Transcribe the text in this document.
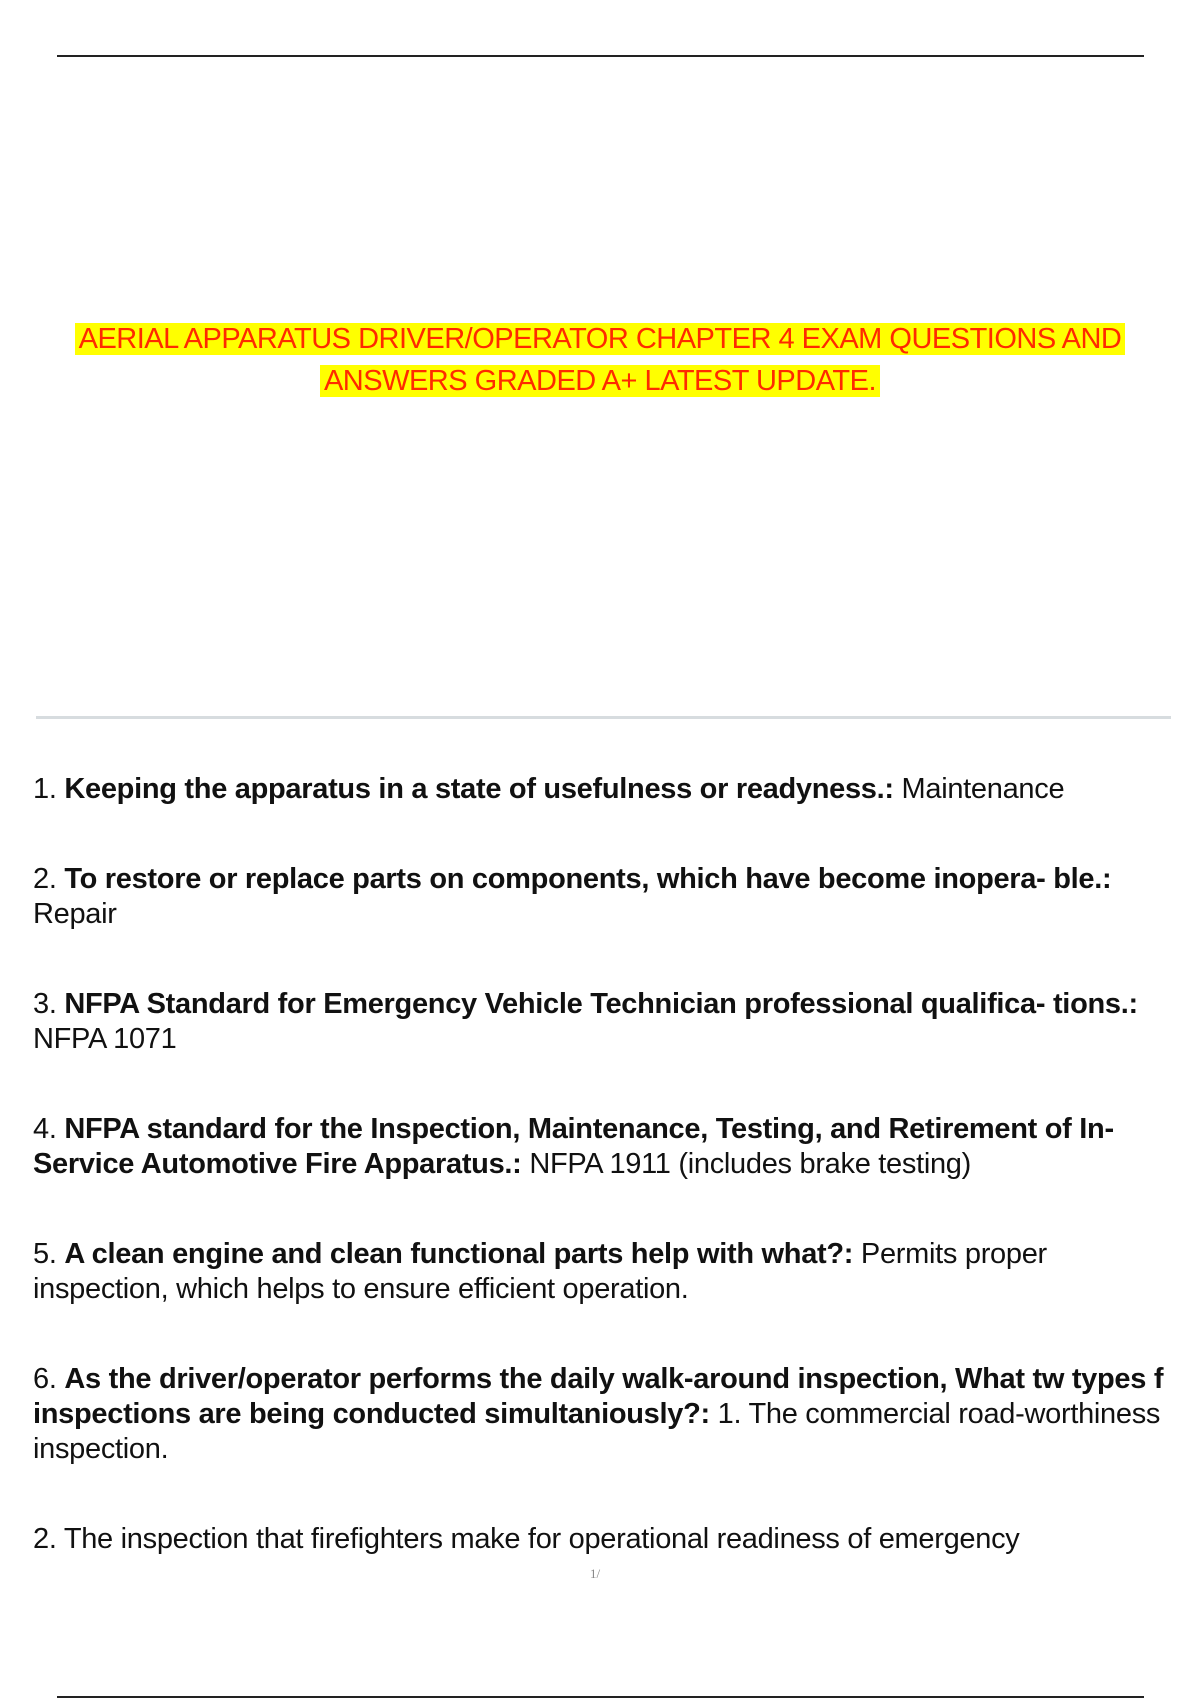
AERIAL APPARATUS DRIVER/OPERATOR CHAPTER 4 EXAM QUESTIONS AND
ANSWERS GRADED A+ LATEST UPDATE.

1. Keeping the apparatus in a state of usefulness or readyness.: Maintenance

2. To restore or replace parts on components, which have become inopera- ble.: Repair

3. NFPA Standard for Emergency Vehicle Technician professional qualifica- tions.: NFPA 1071

4. NFPA standard for the Inspection, Maintenance, Testing, and Retirement of In-Service Automotive Fire Apparatus.: NFPA 1911 (includes brake testing)

5. A clean engine and clean functional parts help with what?: Permits proper inspection, which helps to ensure efficient operation.

6. As the driver/operator performs the daily walk-around inspection, What tw types f inspections are being conducted simultaniously?: 1. The commercial road-worthiness inspection.

2. The inspection that firefighters make for operational readiness of emergency

1/
